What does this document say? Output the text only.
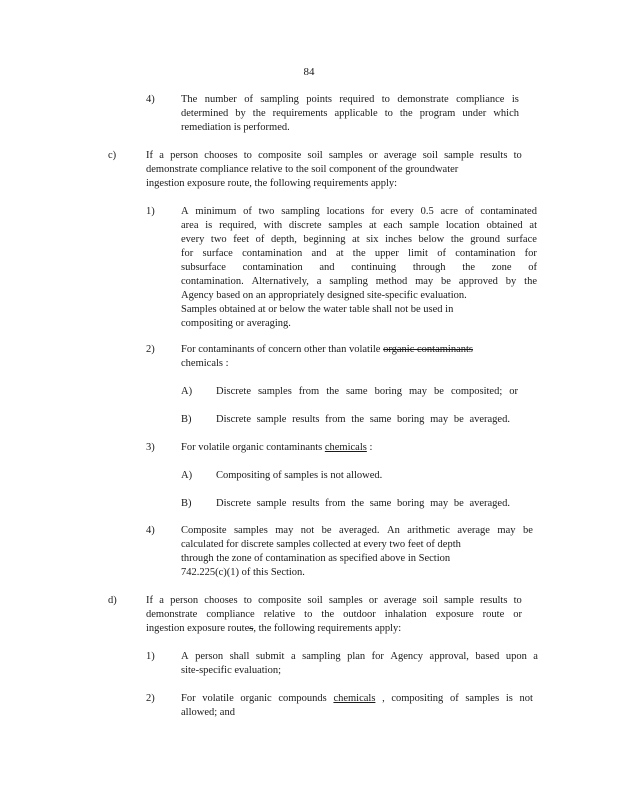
84
4)	The number of sampling points required to demonstrate compliance is
determined by the requirements applicable to the program under which
remediation is performed.
c)	If a person chooses to composite soil samples or average soil sample results to
demonstrate compliance relative to the soil component of the groundwater
ingestion exposure route, the following requirements apply:
1)	A minimum of two sampling locations for every 0.5 acre of contaminated
area is required, with discrete samples at each sample location obtained at
every two feet of depth, beginning at six inches below the ground surface
for surface contamination and at the upper limit of contamination for
subsurface contamination and continuing through the zone of
contamination. Alternatively, a sampling method may be approved by the
Agency based on an appropriately designed site-specific evaluation.
Samples obtained at or below the water table shall not be used in
compositing or averaging.
2)	For contaminants of concern other than volatile organic contaminants
chemicals :
A) Discrete samples from the same boring may be composited; or
B) Discrete sample results from the same boring may be averaged.
3)	For volatile organic contaminants chemicals :
A) Compositing of samples is not allowed.
B) Discrete sample results from the same boring may be averaged.
4)	Composite samples may not be averaged. An arithmetic average may be
calculated for discrete samples collected at every two feet of depth
through the zone of contamination as specified above in Section
742.225(c)(1) of this Section.
d)	If a person chooses to composite soil samples or average soil sample results to
demonstrate compliance relative to the outdoor inhalation exposure route or
ingestion exposure routes, the following requirements apply:
1)	A person shall submit a sampling plan for Agency approval, based upon a
site-specific evaluation;
2)	For volatile organic compounds chemicals , compositing of samples is not
allowed; and
